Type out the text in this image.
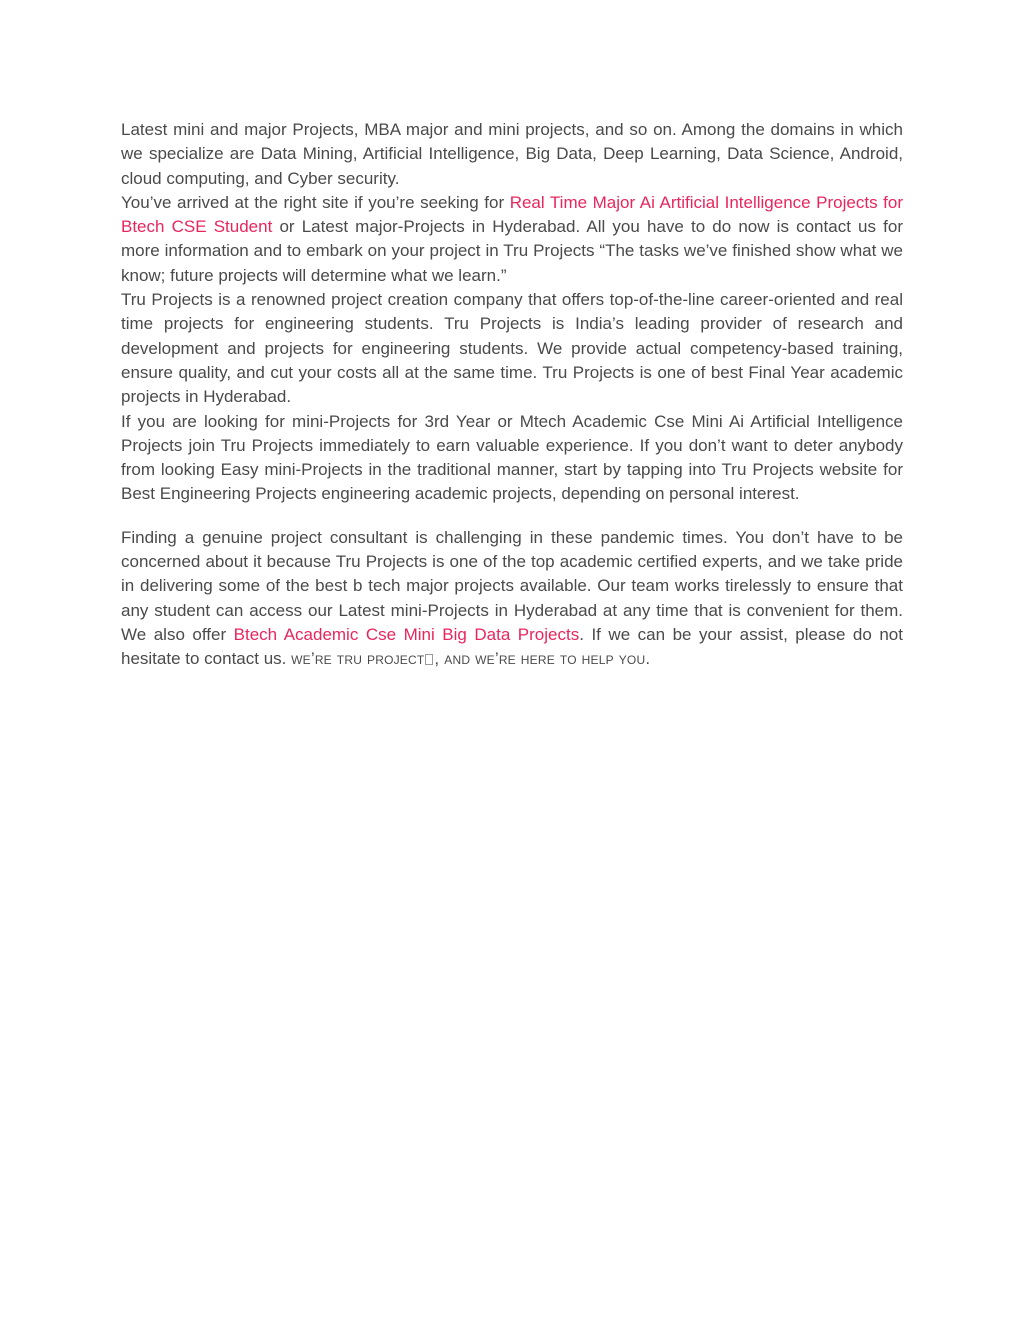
Latest mini and major Projects, MBA major and mini projects, and so on. Among the domains in which we specialize are Data Mining, Artificial Intelligence, Big Data, Deep Learning, Data Science, Android, cloud computing, and Cyber security.

You’ve arrived at the right site if you’re seeking for Real Time Major Ai Artificial Intelligence Projects for Btech CSE Student or Latest major-Projects in Hyderabad. All you have to do now is contact us for more information and to embark on your project in Tru Projects “The tasks we’ve finished show what we know; future projects will determine what we learn.”

Tru Projects is a renowned project creation company that offers top-of-the-line career-oriented and real time projects for engineering students. Tru Projects is India’s leading provider of research and development and projects for engineering students. We provide actual competency-based training, ensure quality, and cut your costs all at the same time. Tru Projects is one of best Final Year academic projects in Hyderabad.

If you are looking for mini-Projects for 3rd Year or Mtech Academic Cse Mini Ai Artificial Intelligence Projects join Tru Projects immediately to earn valuable experience. If you don’t want to deter anybody from looking Easy mini-Projects in the traditional manner, start by tapping into Tru Projects website for Best Engineering Projects engineering academic projects, depending on personal interest.

Finding a genuine project consultant is challenging in these pandemic times. You don’t have to be concerned about it because Tru Projects is one of the top academic certified experts, and we take pride in delivering some of the best b tech major projects available. Our team works tirelessly to ensure that any student can access our Latest mini-Projects in Hyderabad at any time that is convenient for them. We also offer Btech Academic Cse Mini Big Data Projects. If we can be your assist, please do not hesitate to contact us. we’re tru project , and we’re here to help you.
